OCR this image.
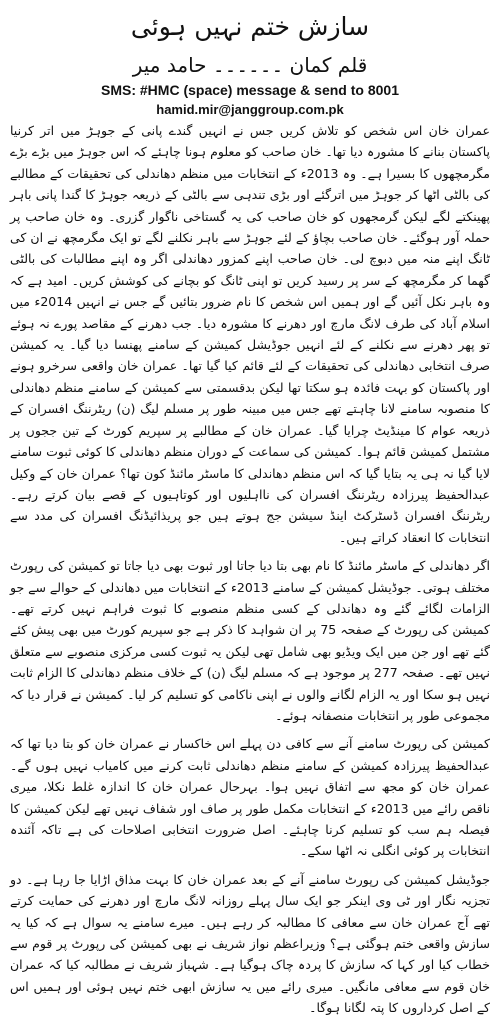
سازش ختم نہیں ہوئی

قلم کمان ۔۔۔۔۔۔ حامد میر

SMS: #HMC (space) message & send to 8001

hamid.mir@janggroup.com.pk

عمران خان اس شخص کو تلاش کریں جس نے انہیں گندے پانی کے جوہڑ میں اتر کرنیا پاکستان بنانے کا مشورہ دیا تھا۔ خان صاحب کو معلوم ہونا چاہئے کہ اس جوہڑ میں بڑے بڑے مگرمچھوں کا بسیرا ہے۔ وہ 2013ء کے انتخابات میں منظم دھاندلی کی تحقیقات کے مطالبے کی بالٹی اٹھا کر جوہڑ میں اترگئے اور بڑی تندہی سے بالٹی کے ذریعہ جوہڑ کا گندا پانی باہر پھینکتے لگے لیکن گرمجھوں کو خان صاحب کی یہ گستاخی ناگوار گزری۔ وہ خان صاحب پر حملہ آور ہوگئے۔ خان صاحب بچاؤ کے لئے جوہڑ سے باہر نکلنے لگے تو ایک مگرمچھ نے ان کی ٹانگ اپنے منہ میں دبوچ لی۔ خان صاحب اپنے کمزور دھاندلی اگر وہ اپنے مطالبات کی بالٹی گھما کر مگرمچھ کے سر پر رسید کریں تو اپنی ٹانگ کو بچانے کی کوشش کریں۔ امید ہے کہ وہ باہر نکل آئیں گے اور ہمیں اس شخص کا نام ضرور بتائیں گے جس نے انہیں 2014ء میں اسلام آباد کی طرف لانگ مارچ اور دھرنے کا مشورہ دیا۔ جب دھرنے کے مقاصد پورے نہ ہوئے تو پھر دھرنے سے نکلنے کے لئے انہیں جوڈیشل کمیشن کے سامنے پھنسا دیا گیا۔ یہ کمیشن صرف انتخابی دھاندلی کی تحقیقات کے لئے قائم کیا گیا تھا۔ عمران خان واقعی سرخرو ہونے اور پاکستان کو بہت فائدہ ہو سکتا تھا لیکن بدقسمتی سے کمیشن کے سامنے منظم دھاندلی کا منصوبہ سامنے لانا چاہتے تھے جس میں مبینہ طور پر مسلم لیگ (ن) ریٹرننگ افسران کے ذریعہ عوام کا مینڈیٹ چرایا گیا۔ عمران خان کے مطالبے پر سپریم کورٹ کے تین ججوں پر مشتمل کمیشن قائم ہوا۔ کمیشن کی سماعت کے دوران منظم دھاندلی کا کوئی ثبوت سامنے لایا گیا نہ ہی یہ بتایا گیا کہ اس منظم دھاندلی کا ماسٹر مائنڈ کون تھا؟ عمران خان کے وکیل عبدالحفیظ پیرزادہ ریٹرننگ افسران کی نااہلیوں اور کوتاہیوں کے قصے بیان کرتے رہے۔ ریٹرننگ افسران ڈسٹرکٹ اینڈ سیشن جج ہوتے ہیں جو پریذائیڈنگ افسران کی مدد سے انتخابات کا انعقاد کراتے ہیں۔

اگر دھاندلی کے ماسٹر مائنڈ کا نام بھی بتا دیا جاتا اور ثبوت بھی دیا جاتا تو کمیشن کی رپورٹ مختلف ہوتی۔ جوڈیشل کمیشن کے سامنے 2013ء کے انتخابات میں دھاندلی کے حوالے سے جو الزامات لگائے گئے وہ دھاندلی کے کسی منظم منصوبے کا ثبوت فراہم نہیں کرتے تھے۔ کمیشن کی رپورٹ کے صفحہ 75 پر ان شواہد کا ذکر ہے جو سپریم کورٹ میں بھی پیش کئے گئے تھے اور جن میں ایک ویڈیو بھی شامل تھی لیکن یہ ثبوت کسی مرکزی منصوبے سے متعلق نہیں تھے۔ صفحہ 277 پر موجود ہے کہ مسلم لیگ (ن) کے خلاف منظم دھاندلی کا الزام ثابت نہیں ہو سکا اور یہ الزام لگانے والوں نے اپنی ناکامی کو تسلیم کر لیا۔ کمیشن نے قرار دیا کہ مجموعی طور پر انتخابات منصفانہ ہوئے۔

کمیشن کی رپورٹ سامنے آنے سے کافی دن پہلے اس خاکسار نے عمران خان کو بتا دیا تھا کہ عبدالحفیظ پیرزادہ کمیشن کے سامنے منظم دھاندلی ثابت کرنے میں کامیاب نہیں ہوں گے۔ عمران خان کو مجھ سے اتفاق نہیں ہوا۔ بہرحال عمران خان کا اندازہ غلط نکلا، میری ناقص رائے میں 2013ء کے انتخابات مکمل طور پر صاف اور شفاف نہیں تھے لیکن کمیشن کا فیصلہ ہم سب کو تسلیم کرنا چاہئے۔ اصل ضرورت انتخابی اصلاحات کی ہے تاکہ آئندہ انتخابات پر کوئی انگلی نہ اٹھا سکے۔

جوڈیشل کمیشن کی رپورٹ سامنے آنے کے بعد عمران خان کا بہت مذاق اڑایا جا رہا ہے۔ دو تجزیہ نگار اور ٹی وی اینکر جو ایک سال پہلے روزانہ لانگ مارچ اور دھرنے کی حمایت کرتے تھے آج عمران خان سے معافی کا مطالبہ کر رہے ہیں۔ میرے سامنے یہ سوال ہے کہ کیا یہ سازش واقعی ختم ہوگئی ہے؟ وزیراعظم نواز شریف نے بھی کمیشن کی رپورٹ پر قوم سے خطاب کیا اور کہا کہ سازش کا پردہ چاک ہوگیا ہے۔ شہباز شریف نے مطالبہ کیا کہ عمران خان قوم سے معافی مانگیں۔ میری رائے میں یہ سازش ابھی ختم نہیں ہوئی اور ہمیں اس کے اصل کرداروں کا پتہ لگانا ہوگا۔
